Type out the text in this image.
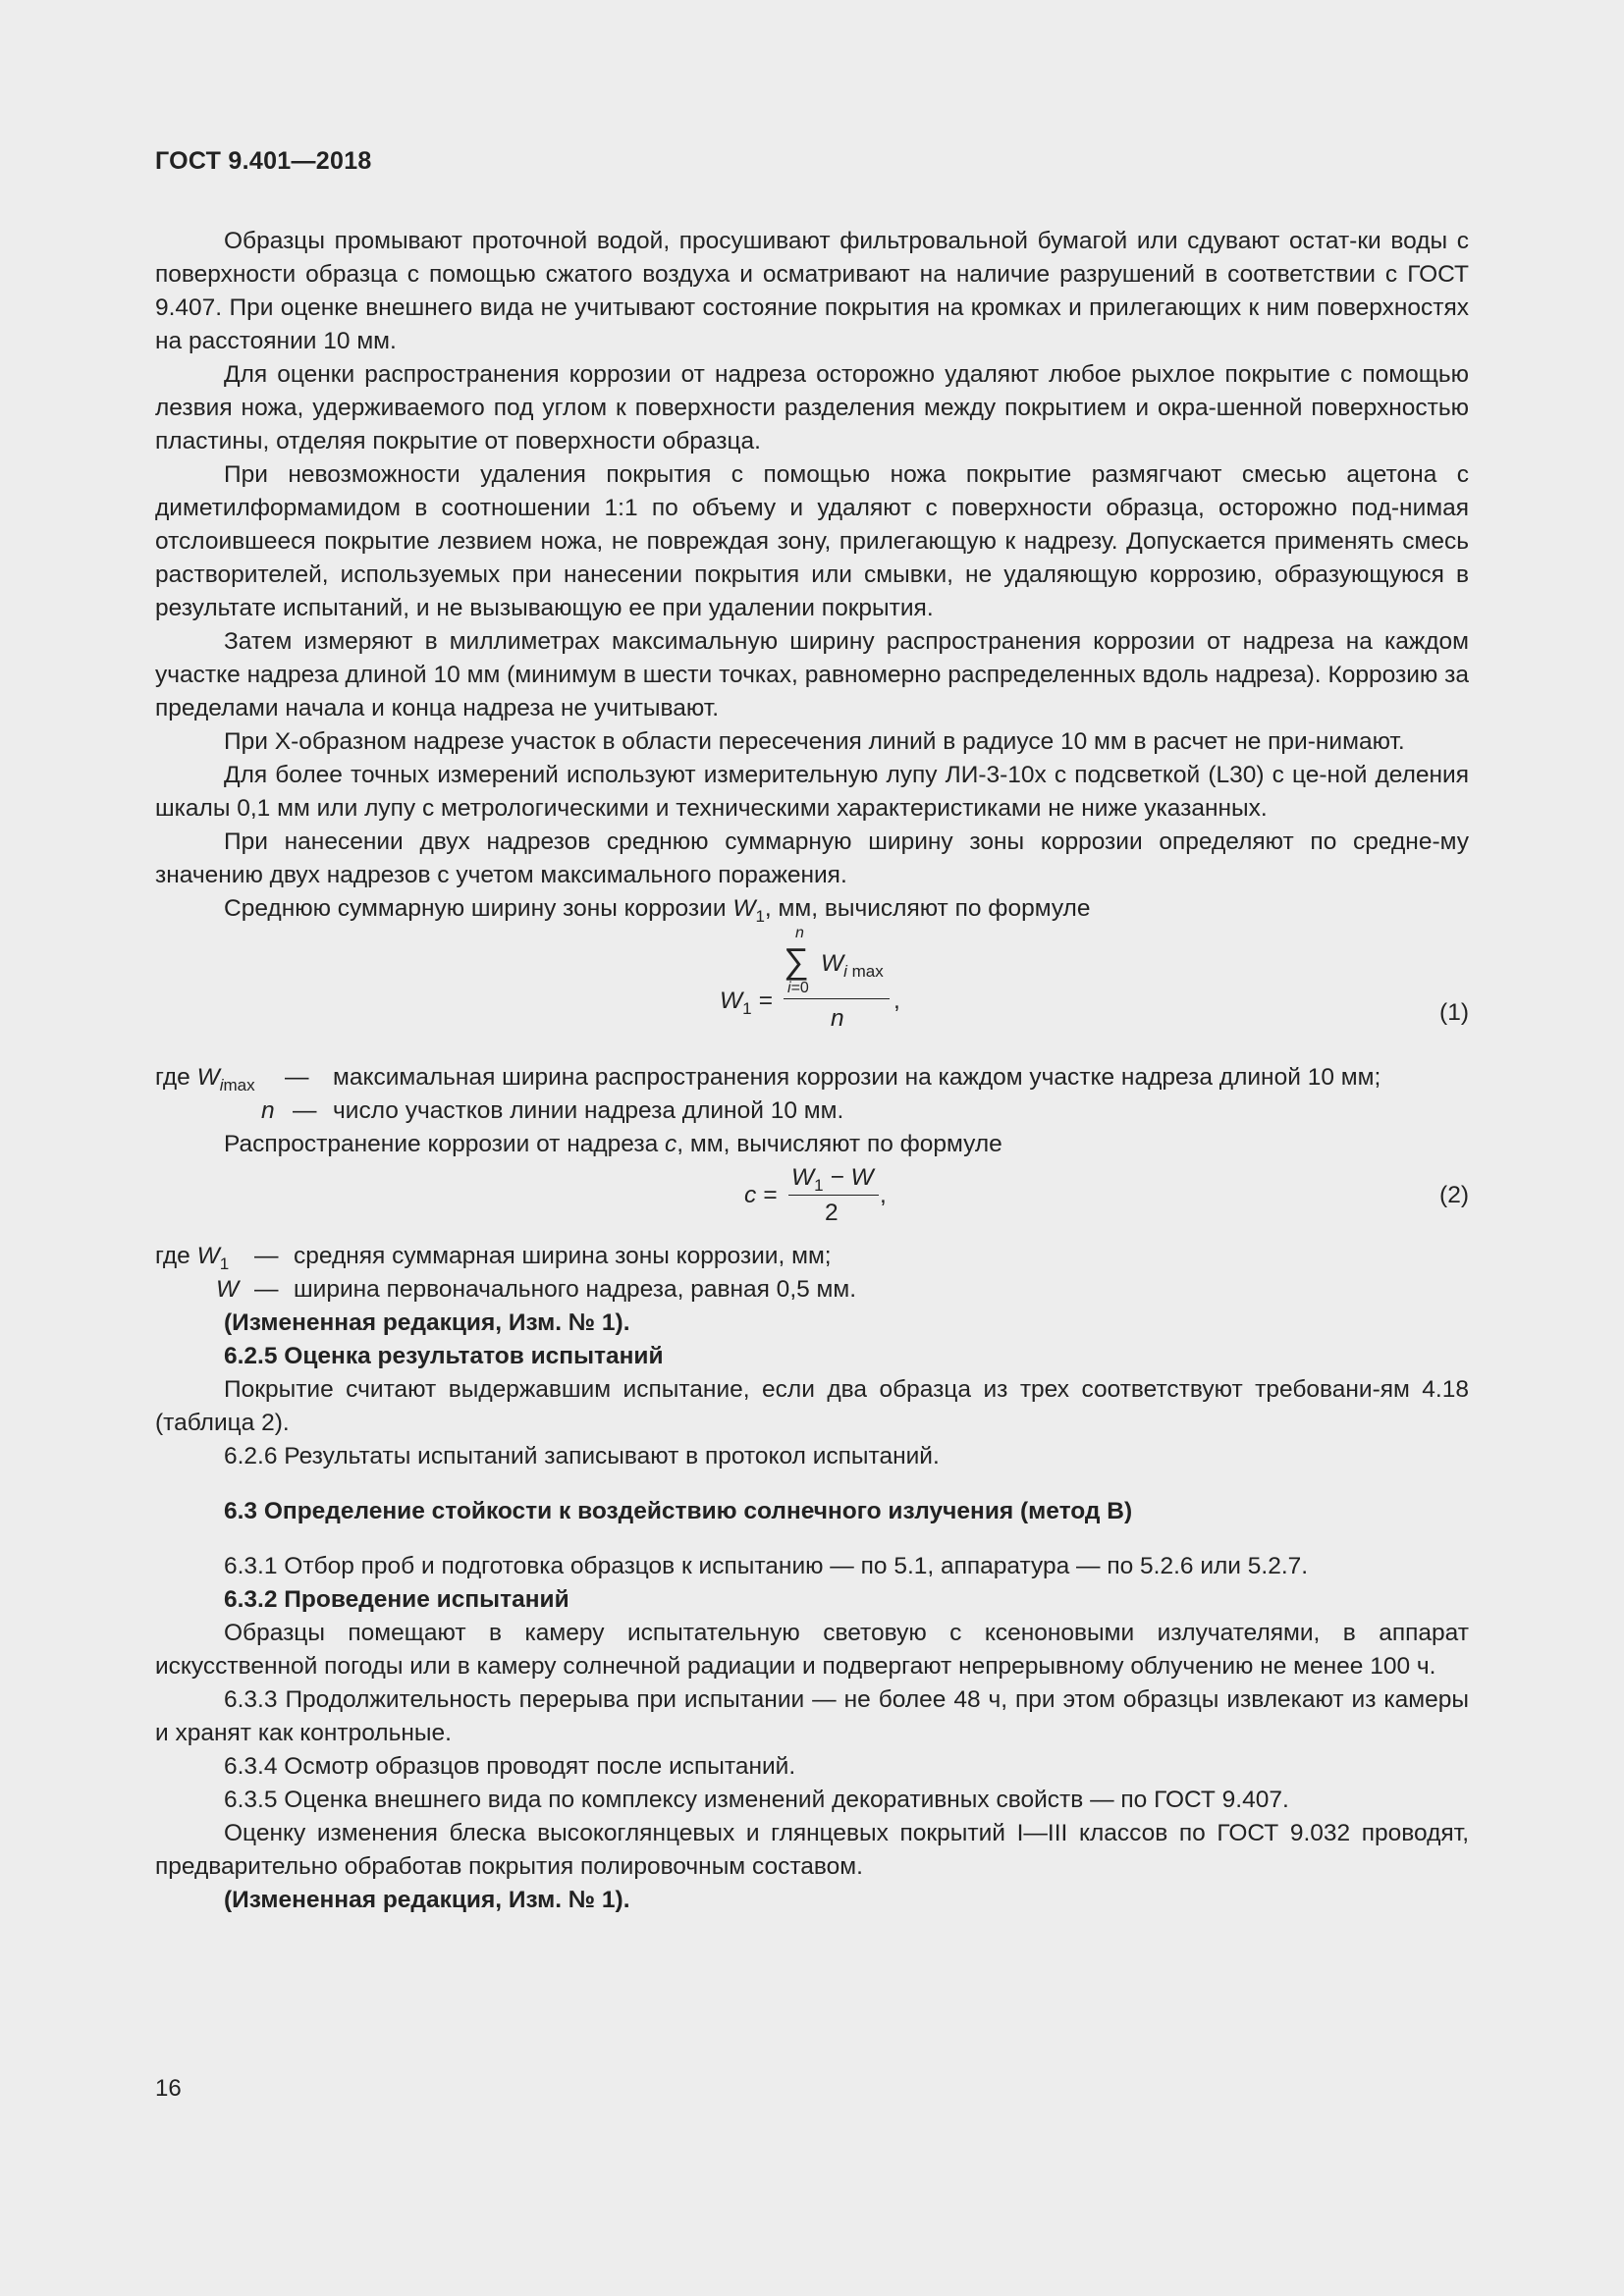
ГОСТ 9.401—2018

Образцы промывают проточной водой, просушивают фильтровальной бумагой или сдувают остат-ки воды с поверхности образца с помощью сжатого воздуха и осматривают на наличие разрушений в соответствии с ГОСТ 9.407. При оценке внешнего вида не учитывают состояние покрытия на кромках и прилегающих к ним поверхностях на расстоянии 10 мм.

Для оценки распространения коррозии от надреза осторожно удаляют любое рыхлое покрытие с помощью лезвия ножа, удерживаемого под углом к поверхности разделения между покрытием и окра-шенной поверхностью пластины, отделяя покрытие от поверхности образца.

При невозможности удаления покрытия с помощью ножа покрытие размягчают смесью ацетона с диметилформамидом в соотношении 1:1 по объему и удаляют с поверхности образца, осторожно под-нимая отслоившееся покрытие лезвием ножа, не повреждая зону, прилегающую к надрезу. Допускается применять смесь растворителей, используемых при нанесении покрытия или смывки, не удаляющую коррозию, образующуюся в результате испытаний, и не вызывающую ее при удалении покрытия.

Затем измеряют в миллиметрах максимальную ширину распространения коррозии от надреза на каждом участке надреза длиной 10 мм (минимум в шести точках, равномерно распределенных вдоль надреза). Коррозию за пределами начала и конца надреза не учитывают.

При Х-образном надрезе участок в области пересечения линий в радиусе 10 мм в расчет не при-нимают.

Для более точных измерений используют измерительную лупу ЛИ-3-10х с подсветкой (L30) с це-ной деления шкалы 0,1 мм или лупу с метрологическими и техническими характеристиками не ниже указанных.

При нанесении двух надрезов среднюю суммарную ширину зоны коррозии определяют по средне-му значению двух надрезов с учетом максимального поражения.

Среднюю суммарную ширину зоны коррозии $W_1$, мм, вычисляют по формуле

$W_1$ =
n
∑
i=0
$W_{i max}$
n
,	(1)
где $W_{imax}$ — максимальная ширина распространения коррозии на каждом участке надреза длиной 10 мм;
n — число участков линии надреза длиной 10 мм.

Распространение коррозии от надреза c, мм, вычисляют по формуле

c =
$W_1 - W$
2
,	(2)
где $W_1$ — средняя суммарная ширина зоны коррозии, мм;
W — ширина первоначального надреза, равная 0,5 мм.

(Измененная редакция, Изм. № 1).

6.2.5 Оценка результатов испытаний

Покрытие считают выдержавшим испытание, если два образца из трех соответствуют требовани-ям 4.18 (таблица 2).

6.2.6 Результаты испытаний записывают в протокол испытаний.

6.3 Определение стойкости к воздействию солнечного излучения (метод В)

6.3.1 Отбор проб и подготовка образцов к испытанию — по 5.1, аппаратура — по 5.2.6 или 5.2.7.

6.3.2 Проведение испытаний

Образцы помещают в камеру испытательную световую с ксеноновыми излучателями, в аппарат искусственной погоды или в камеру солнечной радиации и подвергают непрерывному облучению не менее 100 ч.

6.3.3 Продолжительность перерыва при испытании — не более 48 ч, при этом образцы извлекают из камеры и хранят как контрольные.

6.3.4 Осмотр образцов проводят после испытаний.

6.3.5 Оценка внешнего вида по комплексу изменений декоративных свойств — по ГОСТ 9.407.

Оценку изменения блеска высокоглянцевых и глянцевых покрытий I—III классов по ГОСТ 9.032 проводят, предварительно обработав покрытия полировочным составом.

(Измененная редакция, Изм. № 1).

16
